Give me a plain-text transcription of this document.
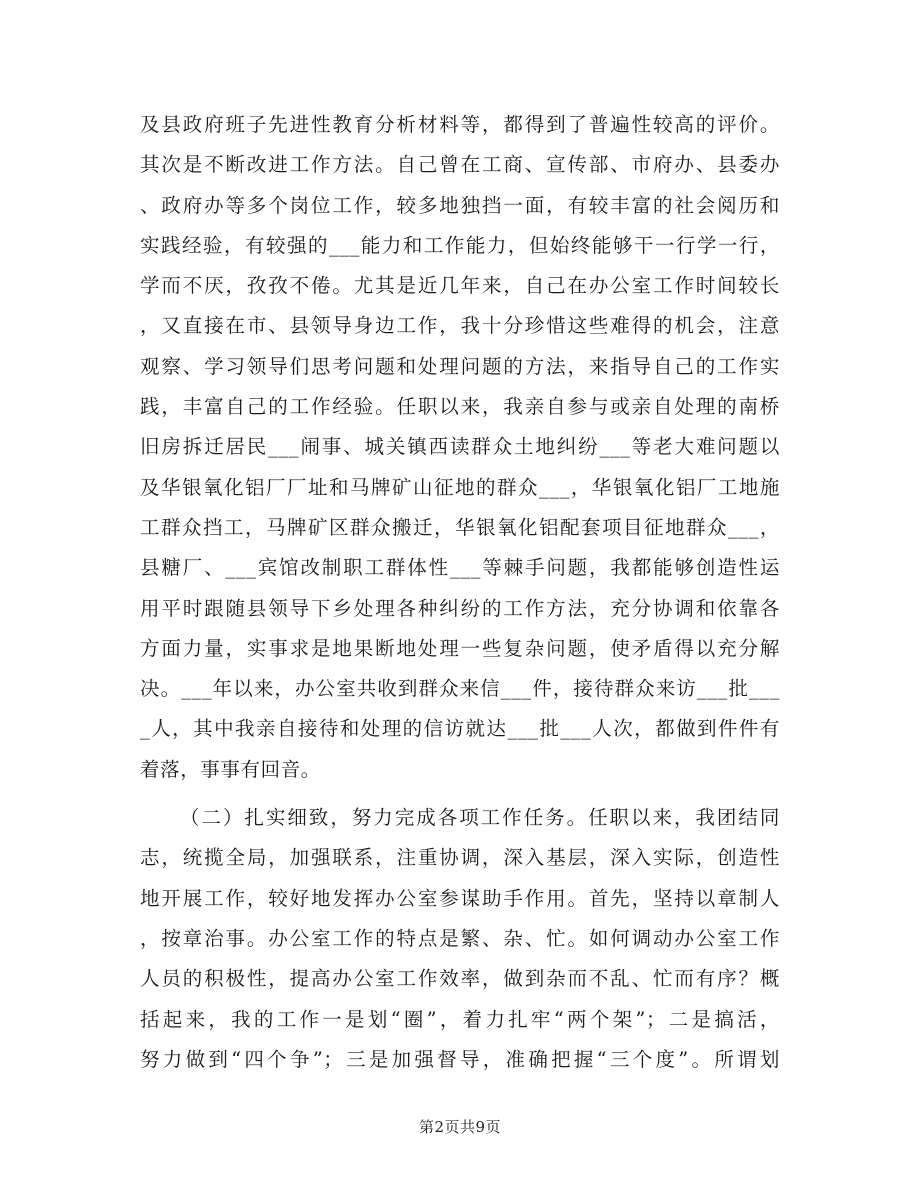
及县政府班子先进性教育分析材料等，都得到了普遍性较高的评价。
其次是不断改进工作方法。自己曾在工商、宣传部、市府办、县委办
、政府办等多个岗位工作，较多地独挡一面，有较丰富的社会阅历和
实践经验，有较强的___能力和工作能力，但始终能够干一行学一行，
学而不厌，孜孜不倦。尤其是近几年来，自己在办公室工作时间较长
，又直接在市、县领导身边工作，我十分珍惜这些难得的机会，注意
观察、学习领导们思考问题和处理问题的方法，来指导自己的工作实
践，丰富自己的工作经验。任职以来，我亲自参与或亲自处理的南桥
旧房拆迁居民___闹事、城关镇西读群众土地纠纷___等老大难问题以
及华银氧化铝厂厂址和马牌矿山征地的群众___，华银氧化铝厂工地施
工群众挡工，马牌矿区群众搬迁，华银氧化铝配套项目征地群众___，
县糖厂、___宾馆改制职工群体性___等棘手问题，我都能够创造性运
用平时跟随县领导下乡处理各种纠纷的工作方法，充分协调和依靠各
方面力量，实事求是地果断地处理一些复杂问题，使矛盾得以充分解
决。___年以来，办公室共收到群众来信___件，接待群众来访___批___
_人，其中我亲自接待和处理的信访就达___批___人次，都做到件件有
着落，事事有回音。
（二）扎实细致，努力完成各项工作任务。任职以来，我团结同
志，统揽全局，加强联系，注重协调，深入基层，深入实际，创造性
地开展工作，较好地发挥办公室参谋助手作用。首先，坚持以章制人
，按章治事。办公室工作的特点是繁、杂、忙。如何调动办公室工作
人员的积极性，提高办公室工作效率，做到杂而不乱、忙而有序？概
括起来，我的工作一是划“圈”，着力扎牢“两个架”；二是搞活，
努力做到“四个争”；三是加强督导，准确把握“三个度”。所谓划
第2页共9页
